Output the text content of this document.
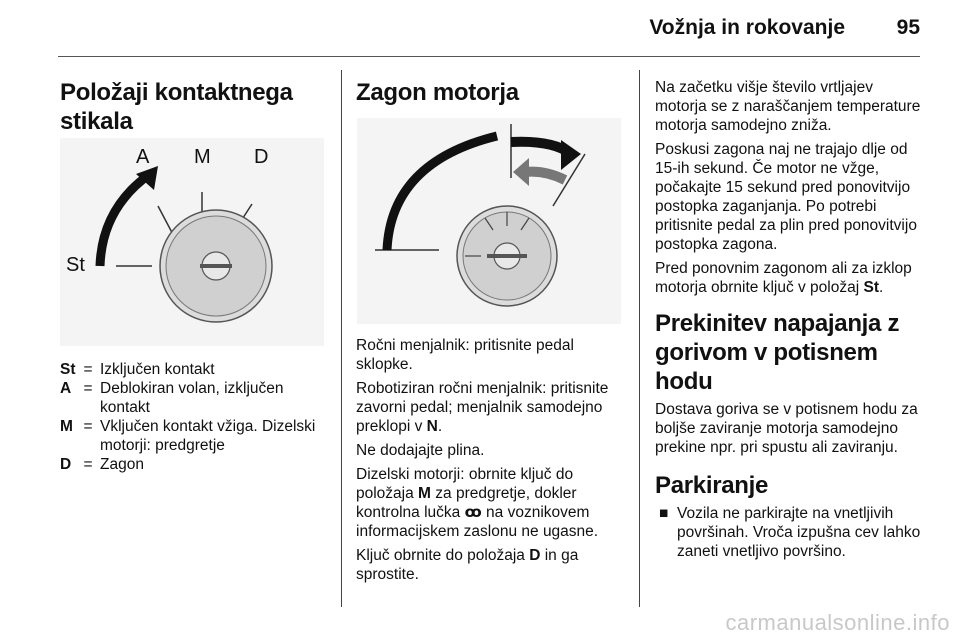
Vožnja in rokovanje 95
Položaji kontaktnega stikala
A M D
St
St = Izključen kontakt
A = Deblokiran volan, izključen kontakt
M = Vključen kontakt vžiga. Dizelski motorji: predgretje
D = Zagon
Zagon motorja

Ročni menjalnik: pritisnite pedal sklopke.

Robotiziran ročni menjalnik: pritisnite zavorni pedal; menjalnik samodejno preklopi v N.

Ne dodajajte plina.

Dizelski motorji: obrnite ključ do položaja M za predgretje, dokler kontrolna lučka ꝏ na voznikovem informacijskem zaslonu ne ugasne.

Ključ obrnite do položaja D in ga sprostite.

Na začetku višje število vrtljajev motorja se z naraščanjem temperature motorja samodejno zniža.

Poskusi zagona naj ne trajajo dlje od 15-ih sekund. Če motor ne vžge, počakajte 15 sekund pred ponovitvijo postopka zaganjanja. Po potrebi pritisnite pedal za plin pred ponovitvijo postopka zagona.

Pred ponovnim zagonom ali za izklop motorja obrnite ključ v položaj St.

Prekinitev napajanja z gorivom v potisnem hodu

Dostava goriva se v potisnem hodu za boljše zaviranje motorja samodejno prekine npr. pri spustu ali zaviranju.

Parkiranje
■ Vozila ne parkirajte na vnetljivih površinah. Vroča izpušna cev lahko zaneti vnetljivo površino.
carmanualsonline.info
